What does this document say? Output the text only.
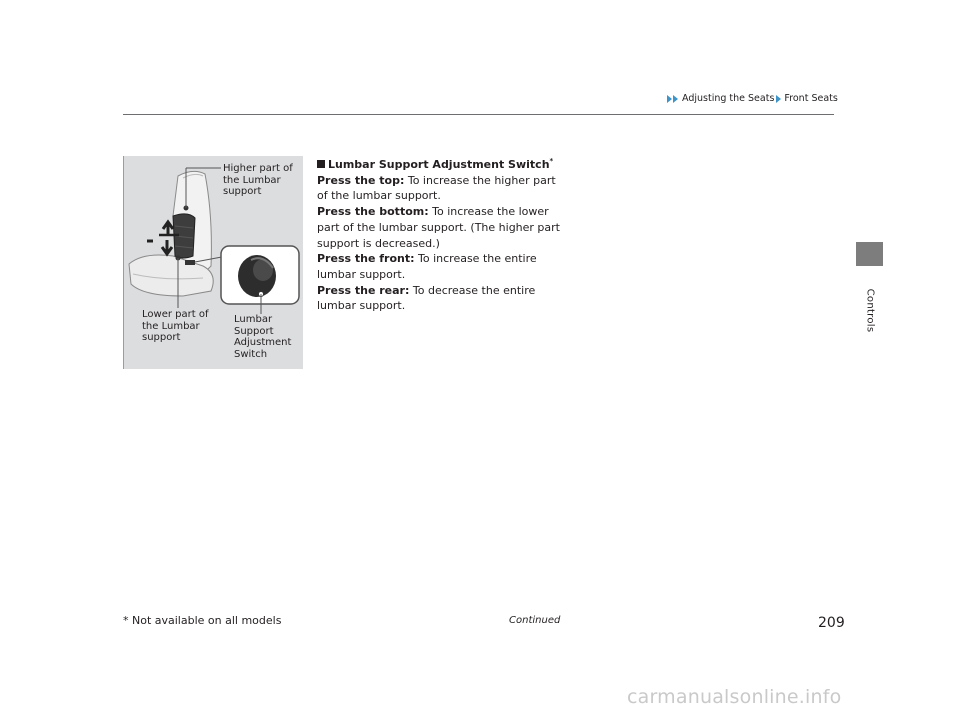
Adjusting the Seats Front Seats
Controls
Higher part of
the Lumbar
support
Lower part of
the Lumbar
support
Lumbar
Support
Adjustment
Switch

Lumbar Support Adjustment Switch*

Press the top: To increase the higher part of the lumbar support.

Press the bottom: To increase the lower part of the lumbar support. (The higher part support is decreased.)

Press the front: To increase the entire lumbar support.

Press the rear: To decrease the entire lumbar support.

* Not available on all models	Continued	209
carmanualsonline.info
